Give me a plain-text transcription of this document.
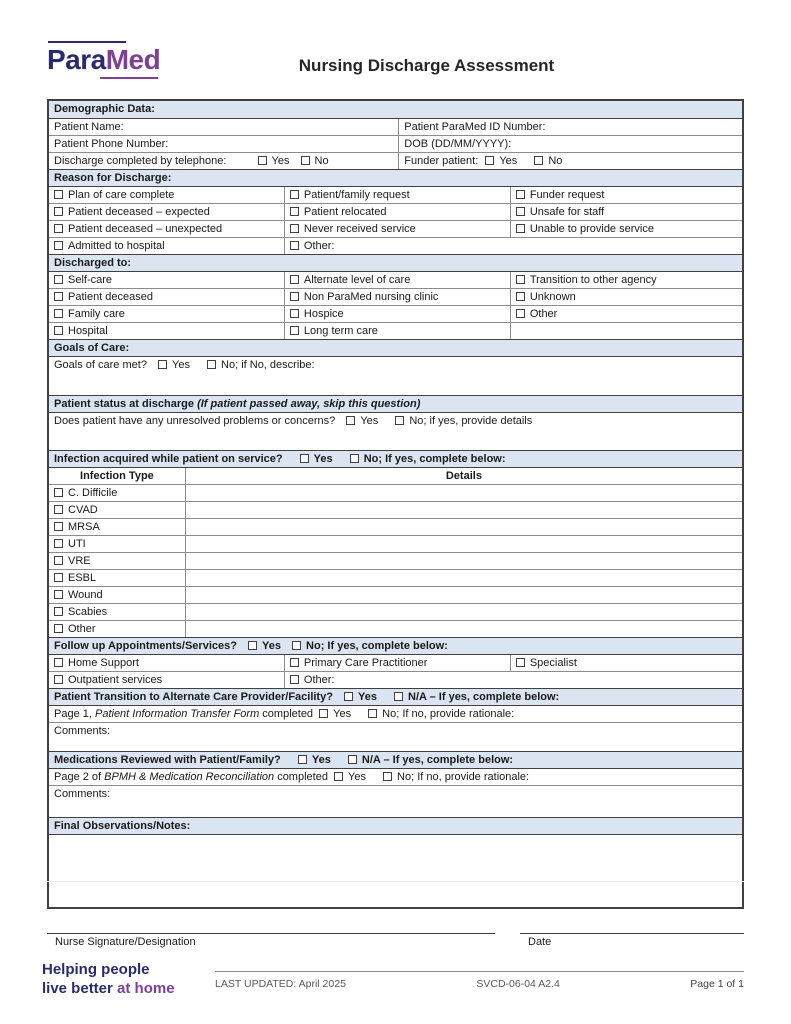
ParaMed	Nursing Discharge Assessment
Demographic Data:
Patient Name:	Patient ParaMed ID Number:
Patient Phone Number:	DOB (DD/MM/YYYY):
Discharge completed by telephone:	Yes No	Funder patient: Yes	No
Reason for Discharge:
Plan of care complete	Patient/family request	Funder request
Patient deceased – expected	Patient relocated	Unsafe for staff
Patient deceased – unexpected	Never received service	Unable to provide service
Admitted to hospital	Other:
Discharged to:
Self-care	Alternate level of care	Transition to other agency
Patient deceased	Non ParaMed nursing clinic	Unknown
Family care	Hospice	Other
Hospital	Long term care
Goals of Care:
Goals of care met? Yes	No; if No, describe:
Patient status at discharge (If patient passed away, skip this question)
Does patient have any unresolved problems or concerns? Yes	No; if yes, provide details
Infection acquired while patient on service?	Yes	No; If yes, complete below:
Infection Type	Details
C. Difficile
CVAD
MRSA
UTI
VRE
ESBL
Wound
Scabies
Other
Follow up Appointments/Services? Yes No; If yes, complete below:
Home Support	Primary Care Practitioner	Specialist
Outpatient services	Other:
Patient Transition to Alternate Care Provider/Facility? Yes	N/A – If yes, complete below:
Page 1, Patient Information Transfer Form completed Yes	No; If no, provide rationale:
Comments:
Medications Reviewed with Patient/Family?	Yes	N/A – If yes, complete below:
Page 2 of BPMH & Medication Reconciliation completed Yes	No; If no, provide rationale:
Comments:
Final Observations/Notes:
Nurse Signature/Designation	Date
Helping people
live better at home	LAST UPDATED: April 2025	SVCD-06-04 A2.4	Page 1 of 1
